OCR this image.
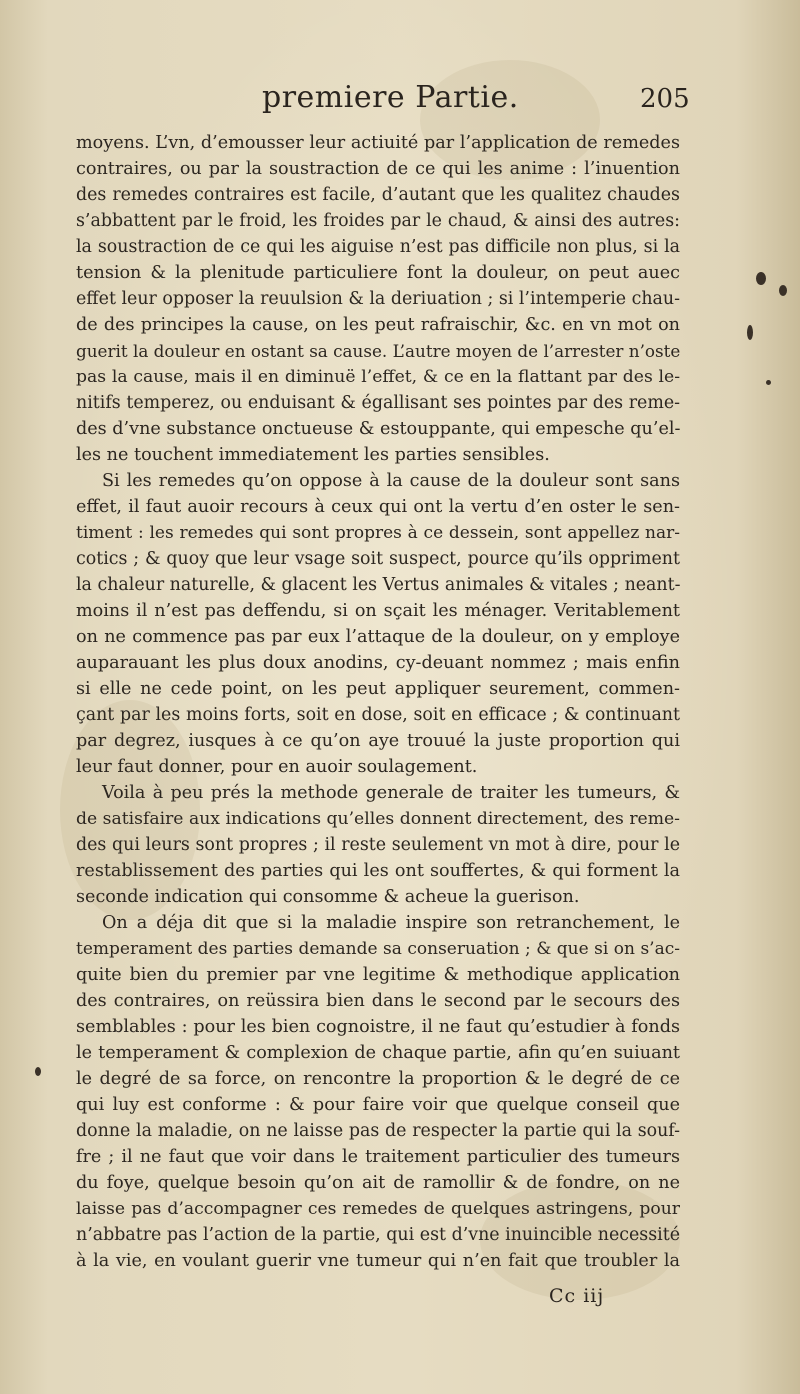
premiere Partie.	205
moyens. L’vn, d’emousser leur actiuité par l’application de remedes
contraires, ou par la soustraction de ce qui les anime : l’inuention
des remedes contraires est facile, d’autant que les qualitez chaudes
s’abbattent par le froid, les froides par le chaud, & ainsi des autres:
la soustraction de ce qui les aiguise n’est pas difficile non plus, si la
tension & la plenitude particuliere font la douleur, on peut auec
effet leur opposer la reuulsion & la deriuation ; si l’intemperie chau-
de des principes la cause, on les peut rafraischir, &c. en vn mot on
guerit la douleur en ostant sa cause. L’autre moyen de l’arrester n’oste
pas la cause, mais il en diminuë l’effet, & ce en la flattant par des le-
nitifs temperez, ou enduisant & égallisant ses pointes par des reme-
des d’vne substance onctueuse & estouppante, qui empesche qu’el-
les ne touchent immediatement les parties sensibles.
Si les remedes qu’on oppose à la cause de la douleur sont sans
effet, il faut auoir recours à ceux qui ont la vertu d’en oster le sen-
timent : les remedes qui sont propres à ce dessein, sont appellez nar-
cotics ; & quoy que leur vsage soit suspect, pource qu’ils oppriment
la chaleur naturelle, & glacent les Vertus animales & vitales ; neant-
moins il n’est pas deffendu, si on sçait les ménager. Veritablement
on ne commence pas par eux l’attaque de la douleur, on y employe
auparauant les plus doux anodins, cy-deuant nommez ; mais enfin
si elle ne cede point, on les peut appliquer seurement, commen-
çant par les moins forts, soit en dose, soit en efficace ; & continuant
par degrez, iusques à ce qu’on aye trouué la juste proportion qui
leur faut donner, pour en auoir soulagement.
Voila à peu prés la methode generale de traiter les tumeurs, &
de satisfaire aux indications qu’elles donnent directement, des reme-
des qui leurs sont propres ; il reste seulement vn mot à dire, pour le
restablissement des parties qui les ont souffertes, & qui forment la
seconde indication qui consomme & acheue la guerison.
On a déja dit que si la maladie inspire son retranchement, le
temperament des parties demande sa conseruation ; & que si on s’ac-
quite bien du premier par vne legitime & methodique application
des contraires, on reüssira bien dans le second par le secours des
semblables : pour les bien cognoistre, il ne faut qu’estudier à fonds
le temperament & complexion de chaque partie, afin qu’en suiuant
le degré de sa force, on rencontre la proportion & le degré de ce
qui luy est conforme : & pour faire voir que quelque conseil que
donne la maladie, on ne laisse pas de respecter la partie qui la souf-
fre ; il ne faut que voir dans le traitement particulier des tumeurs
du foye, quelque besoin qu’on ait de ramollir & de fondre, on ne
laisse pas d’accompagner ces remedes de quelques astringens, pour
n’abbatre pas l’action de la partie, qui est d’vne inuincible necessité
à la vie, en voulant guerir vne tumeur qui n’en fait que troubler la
Cc iij
